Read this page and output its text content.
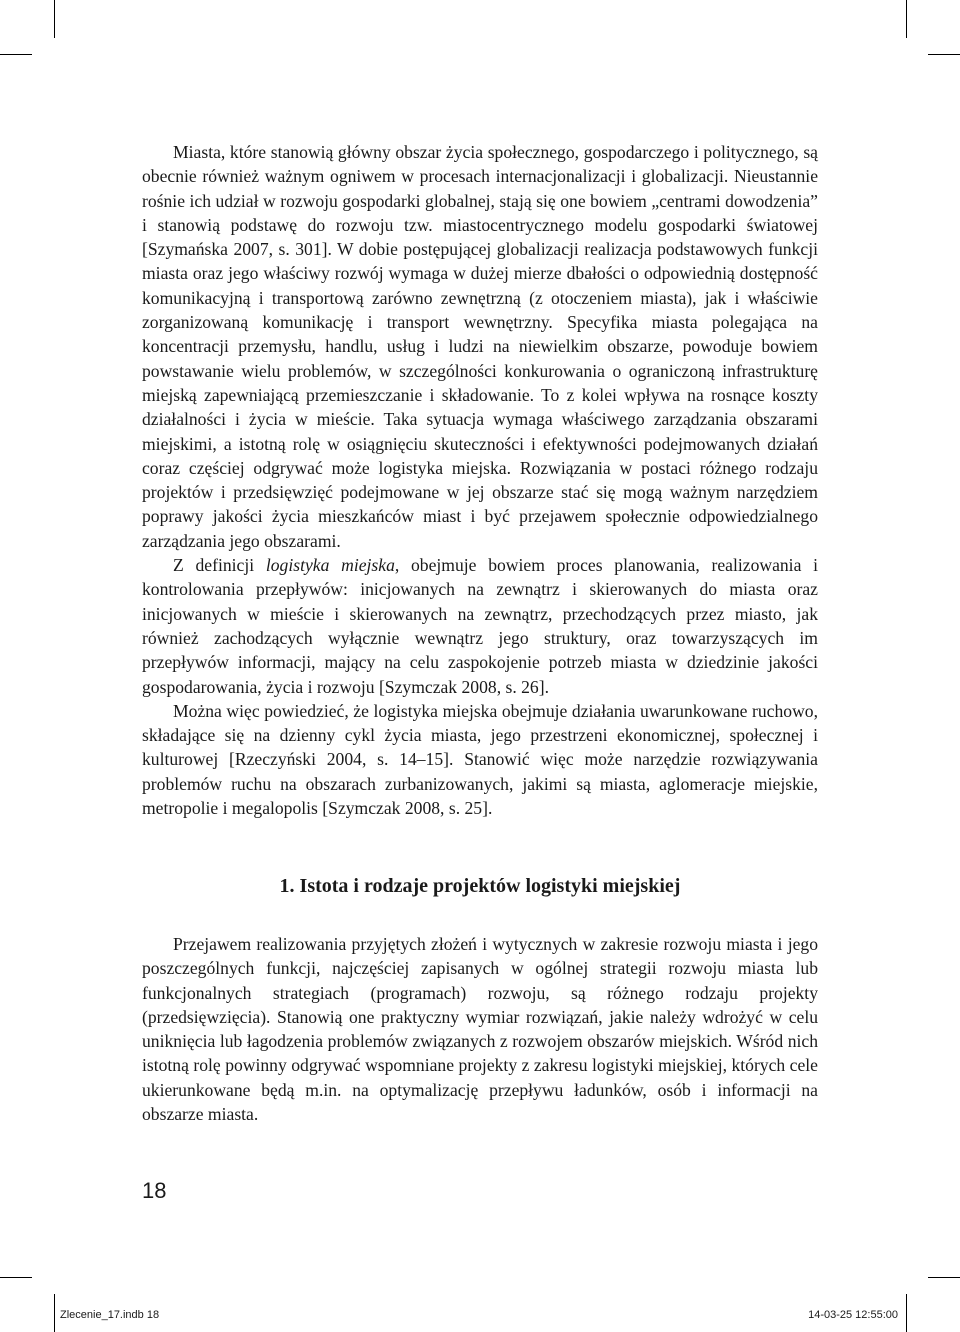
Miasta, które stanowią główny obszar życia społecznego, gospodarczego i politycznego, są obecnie również ważnym ogniwem w procesach internacjonalizacji i globalizacji. Nieustannie rośnie ich udział w rozwoju gospodarki globalnej, stają się one bowiem „centrami dowodzenia” i stanowią podstawę do rozwoju tzw. miastocentrycznego modelu gospodarki światowej [Szymańska 2007, s. 301]. W dobie postępującej globalizacji realizacja podstawowych funkcji miasta oraz jego właściwy rozwój wymaga w dużej mierze dbałości o odpowiednią dostępność komunikacyjną i transportową zarówno zewnętrzną (z otoczeniem miasta), jak i właściwie zorganizowaną komunikację i transport wewnętrzny. Specyfika miasta polegająca na koncentracji przemysłu, handlu, usług i ludzi na niewielkim obszarze, powoduje bowiem powstawanie wielu problemów, w szczególności konkurowania o ograniczoną infrastrukturę miejską zapewniającą przemieszczanie i składowanie. To z kolei wpływa na rosnące koszty działalności i życia w mieście. Taka sytuacja wymaga właściwego zarządzania obszarami miejskimi, a istotną rolę w osiągnięciu skuteczności i efektywności podejmowanych działań coraz częściej odgrywać może logistyka miejska. Rozwiązania w postaci różnego rodzaju projektów i przedsięwzięć podejmowane w jej obszarze stać się mogą ważnym narzędziem poprawy jakości życia mieszkańców miast i być przejawem społecznie odpowiedzialnego zarządzania jego obszarami.

Z definicji logistyka miejska, obejmuje bowiem proces planowania, realizowania i kontrolowania przepływów: inicjowanych na zewnątrz i skierowanych do miasta oraz inicjowanych w mieście i skierowanych na zewnątrz, przechodzących przez miasto, jak również zachodzących wyłącznie wewnątrz jego struktury, oraz towarzyszących im przepływów informacji, mający na celu zaspokojenie potrzeb miasta w dziedzinie jakości gospodarowania, życia i rozwoju [Szymczak 2008, s. 26].

Można więc powiedzieć, że logistyka miejska obejmuje działania uwarunkowane ruchowo, składające się na dzienny cykl życia miasta, jego przestrzeni ekonomicznej, społecznej i kulturowej [Rzeczyński 2004, s. 14–15]. Stanowić więc może narzędzie rozwiązywania problemów ruchu na obszarach zurbanizowanych, jakimi są miasta, aglomeracje miejskie, metropolie i megalopolis [Szymczak 2008, s. 25].

1. Istota i rodzaje projektów logistyki miejskiej

Przejawem realizowania przyjętych złożeń i wytycznych w zakresie rozwoju miasta i jego poszczególnych funkcji, najczęściej zapisanych w ogólnej strategii rozwoju miasta lub funkcjonalnych strategiach (programach) rozwoju, są różnego rodzaju projekty (przedsięwzięcia). Stanowią one praktyczny wymiar rozwiązań, jakie należy wdrożyć w celu uniknięcia lub łagodzenia problemów związanych z rozwojem obszarów miejskich. Wśród nich istotną rolę powinny odgrywać wspomniane projekty z zakresu logistyki miejskiej, których cele ukierunkowane będą m.in. na optymalizację przepływu ładunków, osób i informacji na obszarze miasta.

18
Zlecenie_17.indb 18	14-03-25 12:55:00
